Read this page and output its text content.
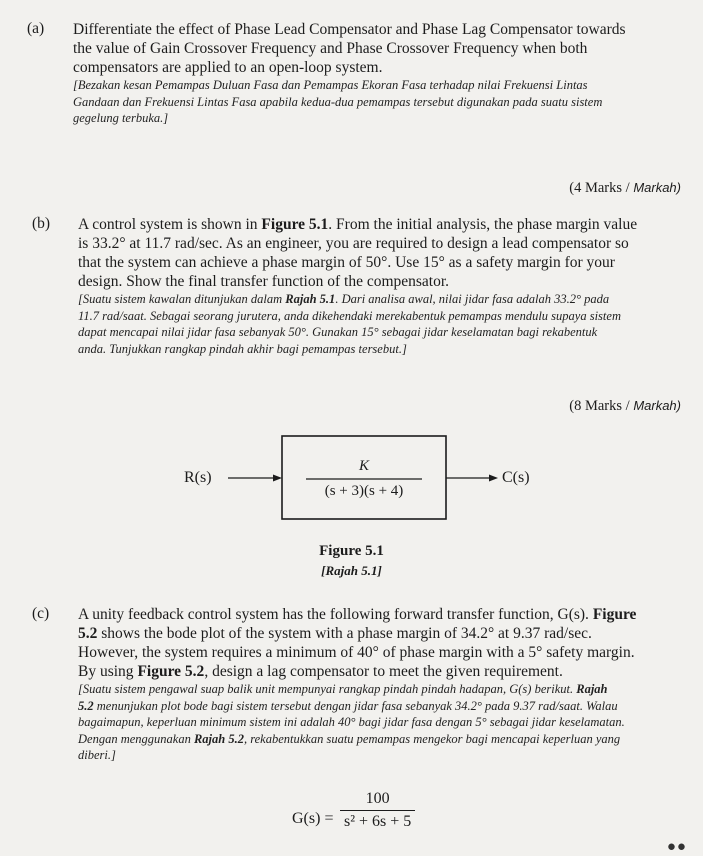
(a) Differentiate the effect of Phase Lead Compensator and Phase Lag Compensator towards
the value of Gain Crossover Frequency and Phase Crossover Frequency when both
compensators are applied to an open-loop system.
[Bezakan kesan Pemampas Duluan Fasa dan Pemampas Ekoran Fasa terhadap nilai Frekuensi Lintas
Gandaan dan Frekuensi Lintas Fasa apabila kedua-dua pemampas tersebut digunakan pada suatu sistem
gegelung terbuka.]
(4 Marks / Markah)
(b) A control system is shown in Figure 5.1. From the initial analysis, the phase margin value
is 33.2° at 11.7 rad/sec. As an engineer, you are required to design a lead compensator so
that the system can achieve a phase margin of 50°. Use 15° as a safety margin for your
design. Show the final transfer function of the compensator.
[Suatu sistem kawalan ditunjukan dalam Rajah 5.1. Dari analisa awal, nilai jidar fasa adalah 33.2° pada
11.7 rad/saat. Sebagai seorang jurutera, anda dikehendaki merekabentuk pemampas mendulu supaya sistem
dapat mencapai nilai jidar fasa sebanyak 50°. Gunakan 15° sebagai jidar keselamatan bagi rekabentuk
anda. Tunjukkan rangkap pindah akhir bagi pemampas tersebut.]
(8 Marks / Markah)
R(s)	C(s)
K
(s + 3)(s + 4)
Figure 5.1
[Rajah 5.1]
(c) A unity feedback control system has the following forward transfer function, G(s). Figure
5.2 shows the bode plot of the system with a phase margin of 34.2° at 9.37 rad/sec.
However, the system requires a minimum of 40° of phase margin with a 5° safety margin.
By using Figure 5.2, design a lag compensator to meet the given requirement.
[Suatu sistem pengawal suap balik unit mempunyai rangkap pindah pindah hadapan, G(s) berikut. Rajah
5.2 menunjukan plot bode bagi sistem tersebut dengan jidar fasa sebanyak 34.2° pada 9.37 rad/saat. Walau
bagaimapun, keperluan minimum sistem ini adalah 40° bagi jidar fasa dengan 5° sebagai jidar keselamatan.
Dengan menggunakan Rajah 5.2, rekabentukkan suatu pemampas mengekor bagi mencapai keperluan yang
diberi.]
$G(s) = \frac{100}{\text{s² + 6s + 5}}$
●●
